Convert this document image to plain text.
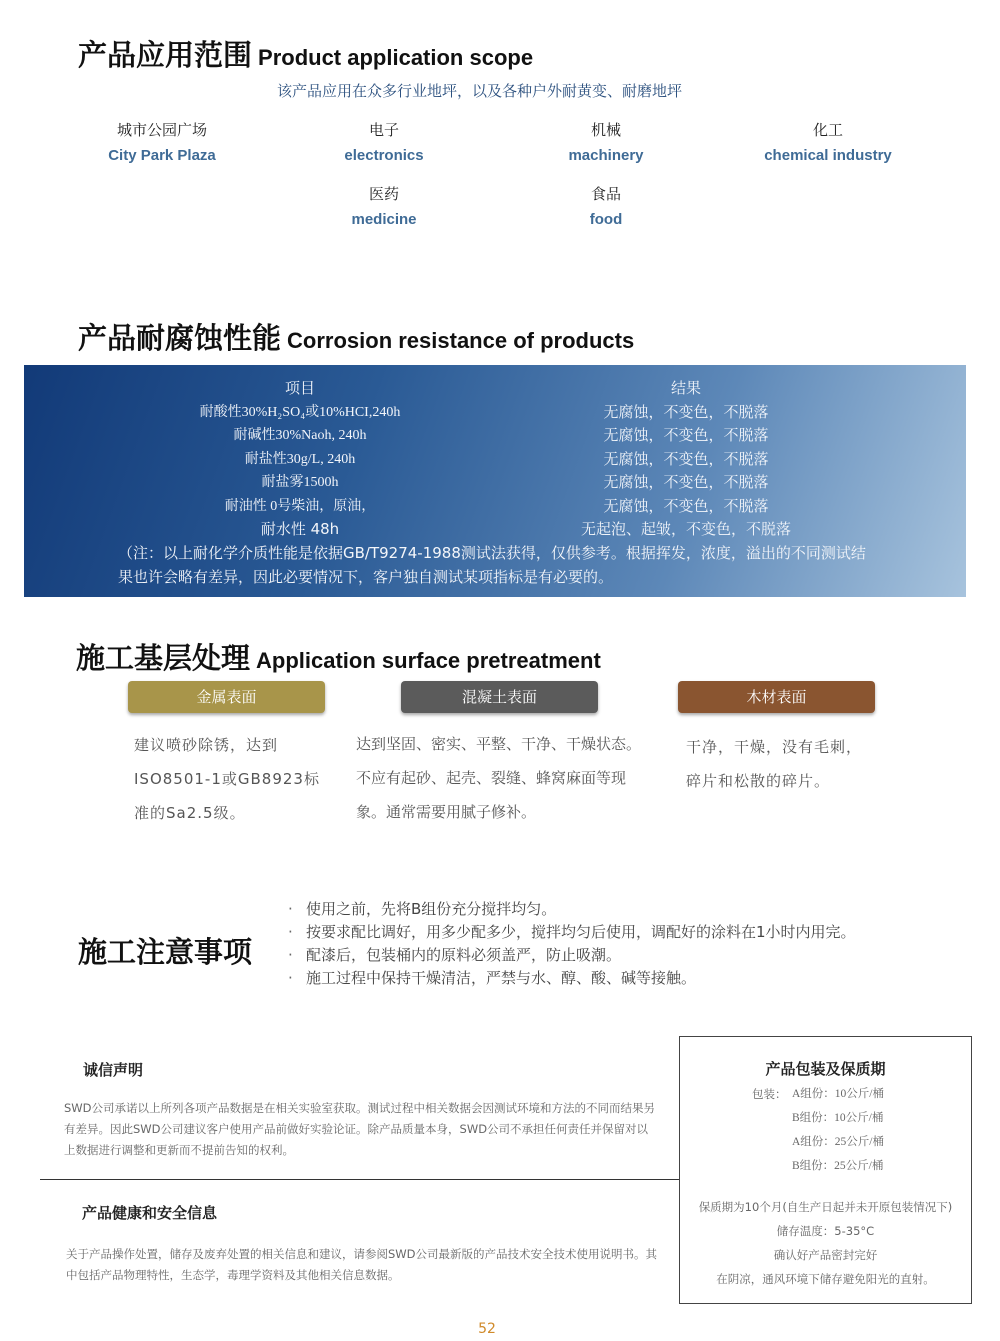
产品应用范围 Product application scope
该产品应用在众多行业地坪，以及各种户外耐黄变、耐磨地坪
城市公园广场
City Park Plaza
电子
electronics
机械
machinery
化工
chemical industry
医药
medicine
食品
food
产品耐腐蚀性能 Corrosion resistance of products
项目	结果
耐酸性30%H₂SO₄或10%HCI,240h	无腐蚀，不变色，不脱落
耐碱性30%Naoh, 240h	无腐蚀，不变色，不脱落
耐盐性30g/L, 240h	无腐蚀，不变色，不脱落
耐盐雾1500h	无腐蚀，不变色，不脱落
耐油性 0号柴油，原油，	无腐蚀，不变色，不脱落
耐水性 48h	无起泡、起皱，不变色，不脱落
（注：以上耐化学介质性能是依据GB/T9274-1988测试法获得，仅供参考。根据挥发，浓度，溢出的不同测试结果也许会略有差异，因此必要情况下，客户独自测试某项指标是有必要的。
施工基层处理 Application surface pretreatment
金属表面	混凝土表面	木材表面
建议喷砂除锈，达到ISO8501-1或GB8923标准的Sa2.5级。
达到坚固、密实、平整、干净、干燥状态。不应有起砂、起壳、裂缝、蜂窝麻面等现象。通常需要用腻子修补。
干净，干燥，没有毛刺，碎片和松散的碎片。
施工注意事项
· 使用之前，先将B组份充分搅拌均匀。
· 按要求配比调好，用多少配多少，搅拌均匀后使用，调配好的涂料在1小时内用完。
· 配漆后，包装桶内的原料必须盖严，防止吸潮。
· 施工过程中保持干燥清洁，严禁与水、醇、酸、碱等接触。
诚信声明
SWD公司承诺以上所列各项产品数据是在相关实验室获取。测试过程中相关数据会因测试环境和方法的不同而结果另有差异。因此SWD公司建议客户使用产品前做好实验论证。除产品质量本身，SWD公司不承担任何责任并保留对以上数据进行调整和更新而不提前告知的权利。
产品健康和安全信息
关于产品操作处置，储存及废弃处置的相关信息和建议，请参阅SWD公司最新版的产品技术安全技术使用说明书。其中包括产品物理特性，生态学，毒理学资料及其他相关信息数据。
产品包装及保质期
包装： A组份：10公斤/桶
B组份：10公斤/桶
A组份：25公斤/桶
B组份：25公斤/桶
保质期为10个月(自生产日起并未开原包装情况下)
储存温度：5-35°C
确认好产品密封完好
在阴凉，通风环境下储存避免阳光的直射。
52
